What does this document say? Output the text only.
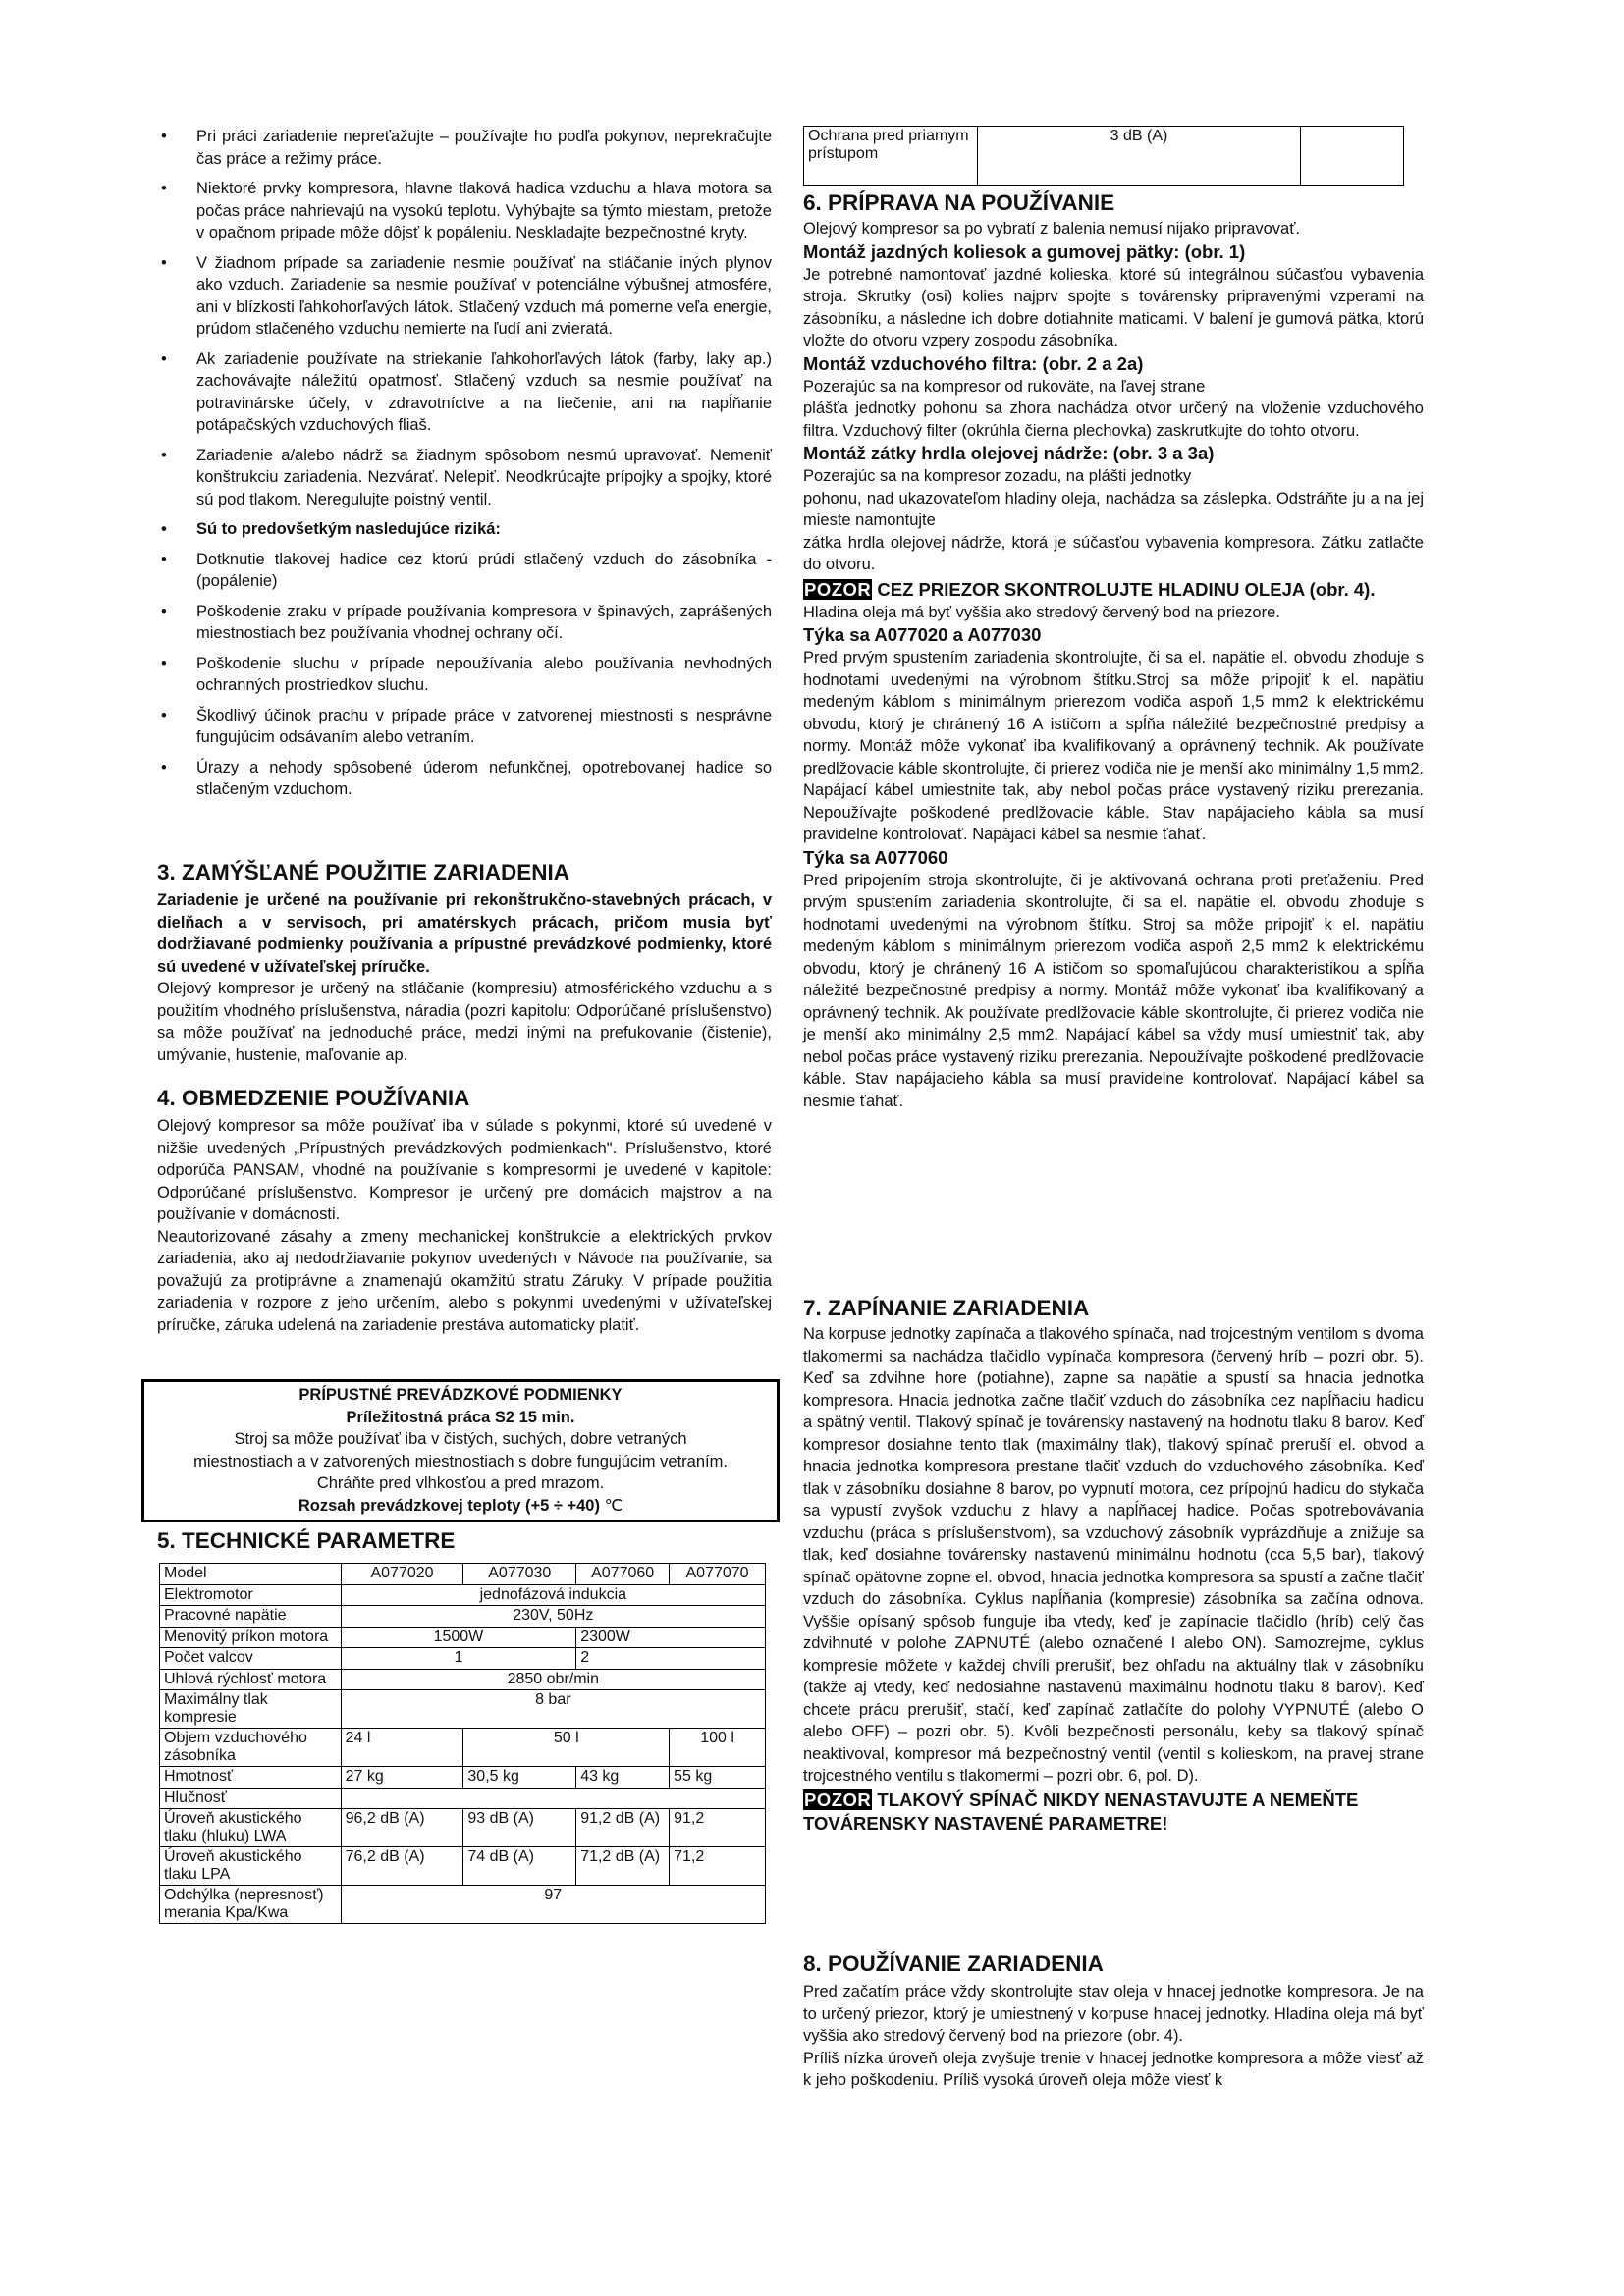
• Pri práci zariadenie nepreťažujte – používajte ho podľa pokynov, neprekračujte čas práce a režimy práce.
• Niektoré prvky kompresora, hlavne tlaková hadica vzduchu a hlava motora sa počas práce nahrievajú na vysokú teplotu. Vyhýbajte sa týmto miestam, pretože v opačnom prípade môže dôjsť k popáleniu. Neskladajte bezpečnostné kryty.
• V žiadnom prípade sa zariadenie nesmie používať na stláčanie iných plynov ako vzduch. Zariadenie sa nesmie používať v potenciálne výbušnej atmosfére, ani v blízkosti ľahkohorľavých látok. Stlačený vzduch má pomerne veľa energie, prúdom stlačeného vzduchu nemierte na ľudí ani zvieratá.
• Ak zariadenie používate na striekanie ľahkohorľavých látok (farby, laky ap.) zachovávajte náležitú opatrnosť. Stlačený vzduch sa nesmie používať na potravinárske účely, v zdravotníctve a na liečenie, ani na napĺňanie potápačských vzduchových fliaš.
• Zariadenie a/alebo nádrž sa žiadnym spôsobom nesmú upravovať. Nemeniť konštrukciu zariadenia. Nezvárať. Nelepiť. Neodkrúcajte prípojky a spojky, ktoré sú pod tlakom. Neregulujte poistný ventil.
• Sú to predovšetkým nasledujúce riziká:
• Dotknutie tlakovej hadice cez ktorú prúdi stlačený vzduch do zásobníka - (popálenie)
• Poškodenie zraku v prípade používania kompresora v špinavých, zaprášených miestnostiach bez používania vhodnej ochrany očí.
• Poškodenie sluchu v prípade nepoužívania alebo používania nevhodných ochranných prostriedkov sluchu.
• Škodlivý účinok prachu v prípade práce v zatvorenej miestnosti s nesprávne fungujúcim odsávaním alebo vetraním.
• Úrazy a nehody spôsobené úderom nefunkčnej, opotrebovanej hadice so stlačeným vzduchom.
3. ZAMÝŠĽANÉ POUŽITIE ZARIADENIA

Zariadenie je určené na používanie pri rekonštrukčno-stavebných prácach, v dielňach a v servisoch, pri amatérskych prácach, pričom musia byť dodržiavané podmienky používania a prípustné prevádzkové podmienky, ktoré sú uvedené v užívateľskej príručke.

Olejový kompresor je určený na stláčanie (kompresiu) atmosférického vzduchu a s použitím vhodného príslušenstva, náradia (pozri kapitolu: Odporúčané príslušenstvo) sa môže používať na jednoduché práce, medzi inými na prefukovanie (čistenie), umývanie, hustenie, maľovanie ap.

4. OBMEDZENIE POUŽÍVANIA

Olejový kompresor sa môže používať iba v súlade s pokynmi, ktoré sú uvedené v nižšie uvedených „Prípustných prevádzkových podmienkach". Príslušenstvo, ktoré odporúča PANSAM, vhodné na používanie s kompresormi je uvedené v kapitole: Odporúčané príslušenstvo. Kompresor je určený pre domácich majstrov a na používanie v domácnosti.

Neautorizované zásahy a zmeny mechanickej konštrukcie a elektrických prvkov zariadenia, ako aj nedodržiavanie pokynov uvedených v Návode na používanie, sa považujú za protiprávne a znamenajú okamžitú stratu Záruky. V prípade použitia zariadenia v rozpore z jeho určením, alebo s pokynmi uvedenými v užívateľskej príručke, záruka udelená na zariadenie prestáva automaticky platiť.

PRÍPUSTNÉ PREVÁDZKOVÉ PODMIENKY
Príležitostná práca S2 15 min.
Stroj sa môže používať iba v čistých, suchých, dobre vetraných
miestnostiach a v zatvorených miestnostiach s dobre fungujúcim vetraním.
Chráňte pred vlhkosťou a pred mrazom.
Rozsah prevádzkovej teploty (+5 ÷ +40) ℃
5. TECHNICKÉ PARAMETRE
Model	A077020	A077030	A077060	A077070
Elektromotor	jednofázová indukcia			
Pracovné napätie	230V, 50Hz			
Menovitý príkon motora	1500W		2300W	
Počet valcov	1		2	
Uhlová rýchlosť motora	2850 obr/min			
Maximálny tlak kompresie	8 bar			
Objem vzduchového zásobníka	24 l	50 l		100 l
Hmotnosť	27 kg	30,5 kg	43 kg	55 kg
Hlučnosť				
Úroveň akustického tlaku (hluku) LWA	96,2 dB (A)	93 dB (A)	91,2 dB (A)	91,2
Úroveň akustického tlaku LPA	76,2 dB (A)	74 dB (A)	71,2 dB (A)	71,2
Odchýlka (nepresnosť) merania Kpa/Kwa	97			
Ochrana pred priamym prístupom	3 dB (A)	
6. PRÍPRAVA NA POUŽÍVANIE

Olejový kompresor sa po vybratí z balenia nemusí nijako pripravovať.

Montáž jazdných koliesok a gumovej pätky: (obr. 1)

Je potrebné namontovať jazdné kolieska, ktoré sú integrálnou súčasťou vybavenia stroja. Skrutky (osi) kolies najprv spojte s továrensky pripravenými vzperami na zásobníku, a následne ich dobre dotiahnite maticami. V balení je gumová pätka, ktorú vložte do otvoru vzpery zospodu zásobníka.

Montáž vzduchového filtra: (obr. 2 a 2a)

Pozerajúc sa na kompresor od rukoväte, na ľavej strane

plášťa jednotky pohonu sa zhora nachádza otvor určený na vloženie vzduchového filtra. Vzduchový filter (okrúhla čierna plechovka) zaskrutkujte do tohto otvoru.

Montáž zátky hrdla olejovej nádrže: (obr. 3 a 3a)

Pozerajúc sa na kompresor zozadu, na plášti jednotky

pohonu, nad ukazovateľom hladiny oleja, nachádza sa záslepka. Odstráňte ju a na jej mieste namontujte

zátka hrdla olejovej nádrže, ktorá je súčasťou vybavenia kompresora. Zátku zatlačte do otvoru.

POZOR CEZ PRIEZOR SKONTROLUJTE HLADINU OLEJA (obr. 4).

Hladina oleja má byť vyššia ako stredový červený bod na priezore.

Týka sa A077020 a A077030

Pred prvým spustením zariadenia skontrolujte, či sa el. napätie el. obvodu zhoduje s hodnotami uvedenými na výrobnom štítku.Stroj sa môže pripojiť k el. napätiu medeným káblom s minimálnym prierezom vodiča aspoň 1,5 mm2 k elektrickému obvodu, ktorý je chránený 16 A ističom a spĺňa náležité bezpečnostné predpisy a normy. Montáž môže vykonať iba kvalifikovaný a oprávnený technik. Ak používate predlžovacie káble skontrolujte, či prierez vodiča nie je menší ako minimálny 1,5 mm2. Napájací kábel umiestnite tak, aby nebol počas práce vystavený riziku prerezania. Nepoužívajte poškodené predlžovacie káble. Stav napájacieho kábla sa musí pravidelne kontrolovať. Napájací kábel sa nesmie ťahať.

Týka sa A077060

Pred pripojením stroja skontrolujte, či je aktivovaná ochrana proti preťaženiu. Pred prvým spustením zariadenia skontrolujte, či sa el. napätie el. obvodu zhoduje s hodnotami uvedenými na výrobnom štítku. Stroj sa môže pripojiť k el. napätiu medeným káblom s minimálnym prierezom vodiča aspoň 2,5 mm2 k elektrickému obvodu, ktorý je chránený 16 A ističom so spomaľujúcou charakteristikou a spĺňa náležité bezpečnostné predpisy a normy. Montáž môže vykonať iba kvalifikovaný a oprávnený technik. Ak používate predlžovacie káble skontrolujte, či prierez vodiča nie je menší ako minimálny 2,5 mm2. Napájací kábel sa vždy musí umiestniť tak, aby nebol počas práce vystavený riziku prerezania. Nepoužívajte poškodené predlžovacie káble. Stav napájacieho kábla sa musí pravidelne kontrolovať. Napájací kábel sa nesmie ťahať.

7. ZAPÍNANIE ZARIADENIA

Na korpuse jednotky zapínača a tlakového spínača, nad trojcestným ventilom s dvoma tlakomermi sa nachádza tlačidlo vypínača kompresora (červený hríb – pozri obr. 5). Keď sa zdvihne hore (potiahne), zapne sa napätie a spustí sa hnacia jednotka kompresora. Hnacia jednotka začne tlačiť vzduch do zásobníka cez napĺňaciu hadicu a spätný ventil. Tlakový spínač je továrensky nastavený na hodnotu tlaku 8 barov. Keď kompresor dosiahne tento tlak (maximálny tlak), tlakový spínač preruší el. obvod a hnacia jednotka kompresora prestane tlačiť vzduch do vzduchového zásobníka. Keď tlak v zásobníku dosiahne 8 barov, po vypnutí motora, cez prípojnú hadicu do stykača sa vypustí zvyšok vzduchu z hlavy a napĺňacej hadice. Počas spotrebovávania vzduchu (práca s príslušenstvom), sa vzduchový zásobník vyprázdňuje a znižuje sa tlak, keď dosiahne továrensky nastavenú minimálnu hodnotu (cca 5,5 bar), tlakový spínač opätovne zopne el. obvod, hnacia jednotka kompresora sa spustí a začne tlačiť vzduch do zásobníka. Cyklus napĺňania (kompresie) zásobníka sa začína odnova. Vyššie opísaný spôsob funguje iba vtedy, keď je zapínacie tlačidlo (hríb) celý čas zdvihnuté v polohe ZAPNUTÉ (alebo označené I alebo ON). Samozrejme, cyklus kompresie môžete v každej chvíli prerušiť, bez ohľadu na aktuálny tlak v zásobníku (takže aj vtedy, keď nedosiahne nastavenú maximálnu hodnotu tlaku 8 barov). Keď chcete prácu prerušiť, stačí, keď zapínač zatlačíte do polohy VYPNUTÉ (alebo O alebo OFF) – pozri obr. 5). Kvôli bezpečnosti personálu, keby sa tlakový spínač neaktivoval, kompresor má bezpečnostný ventil (ventil s kolieskom, na pravej strane trojcestného ventilu s tlakomermi – pozri obr. 6, pol. D).

POZOR TLAKOVÝ SPÍNAČ NIKDY NENASTAVUJTE A NEMEŇTE TOVÁRENSKY NASTAVENÉ PARAMETRE!
8. POUŽÍVANIE ZARIADENIA

Pred začatím práce vždy skontrolujte stav oleja v hnacej jednotke kompresora. Je na to určený priezor, ktorý je umiestnený v korpuse hnacej jednotky. Hladina oleja má byť vyššia ako stredový červený bod na priezore (obr. 4).

Príliš nízka úroveň oleja zvyšuje trenie v hnacej jednotke kompresora a môže viesť až k jeho poškodeniu. Príliš vysoká úroveň oleja môže viesť k
